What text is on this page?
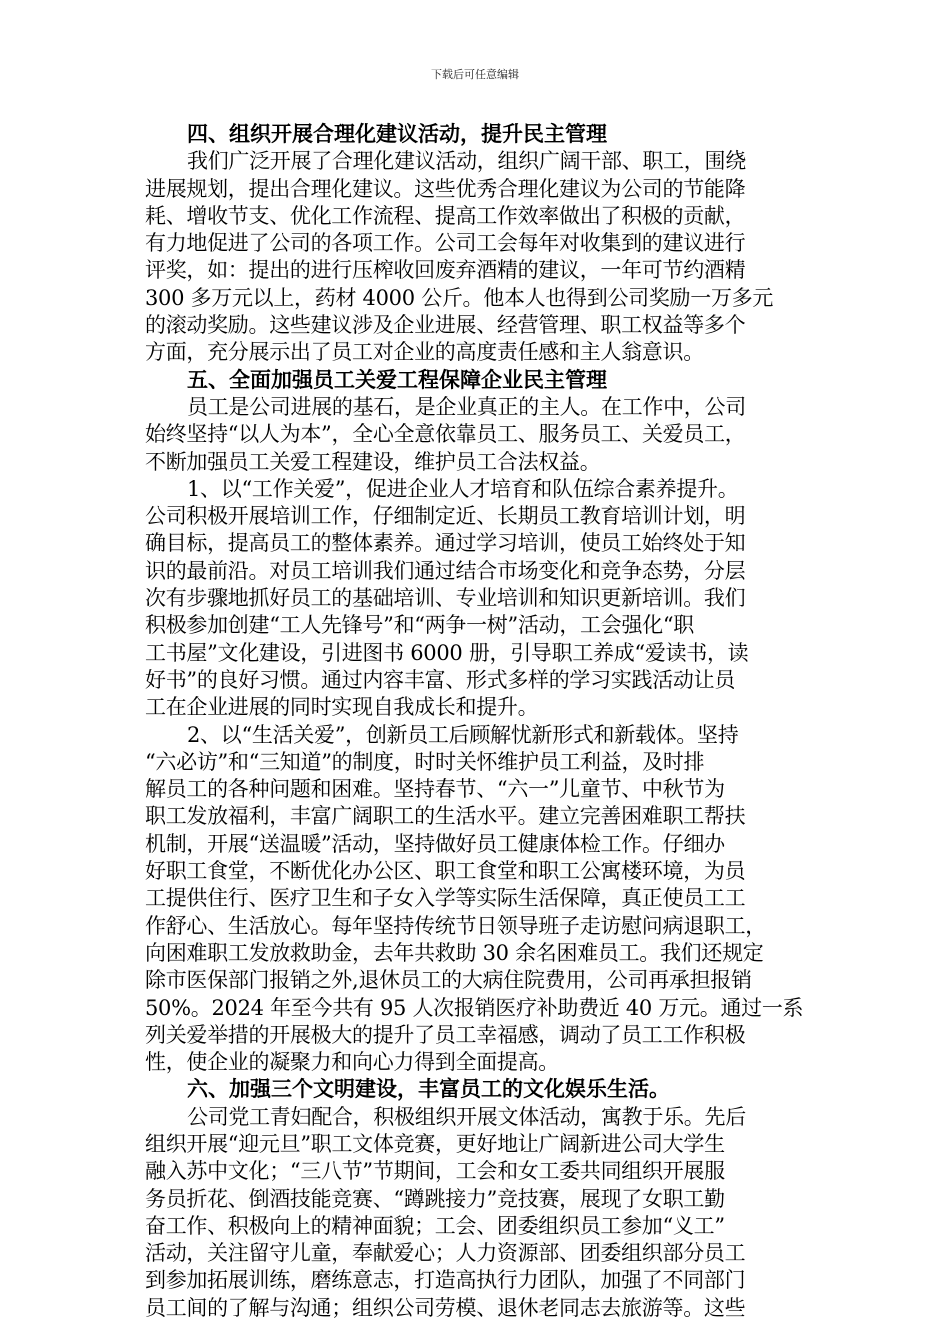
下载后可任意编辑
四、组织开展合理化建议活动，提升民主管理

我们广泛开展了合理化建议活动，组织广阔干部、职工，围绕
进展规划，提出合理化建议。这些优秀合理化建议为公司的节能降
耗、增收节支、优化工作流程、提高工作效率做出了积极的贡献，
有力地促进了公司的各项工作。公司工会每年对收集到的建议进行
评奖，如：提出的进行压榨收回废弃酒精的建议，一年可节约酒精
300 多万元以上，药材 4000 公斤。他本人也得到公司奖励一万多元
的滚动奖励。这些建议涉及企业进展、经营管理、职工权益等多个
方面，充分展示出了员工对企业的高度责任感和主人翁意识。

五、全面加强员工关爱工程保障企业民主管理

员工是公司进展的基石，是企业真正的主人。在工作中，公司
始终坚持“以人为本”，全心全意依靠员工、服务员工、关爱员工，
不断加强员工关爱工程建设，维护员工合法权益。

1、以“工作关爱”，促进企业人才培育和队伍综合素养提升。
公司积极开展培训工作，仔细制定近、长期员工教育培训计划，明
确目标，提高员工的整体素养。通过学习培训，使员工始终处于知
识的最前沿。对员工培训我们通过结合市场变化和竞争态势，分层
次有步骤地抓好员工的基础培训、专业培训和知识更新培训。我们
积极参加创建“工人先锋号”和“两争一树”活动，工会强化“职
工书屋”文化建设，引进图书 6000 册，引导职工养成“爱读书，读
好书”的良好习惯。通过内容丰富、形式多样的学习实践活动让员
工在企业进展的同时实现自我成长和提升。

2、以“生活关爱”，创新员工后顾解忧新形式和新载体。坚持
“六必访”和“三知道”的制度，时时关怀维护员工利益，及时排
解员工的各种问题和困难。坚持春节、“六一”儿童节、中秋节为
职工发放福利，丰富广阔职工的生活水平。建立完善困难职工帮扶
机制，开展“送温暖”活动，坚持做好员工健康体检工作。仔细办
好职工食堂，不断优化办公区、职工食堂和职工公寓楼环境，为员
工提供住行、医疗卫生和子女入学等实际生活保障，真正使员工工
作舒心、生活放心。每年坚持传统节日领导班子走访慰问病退职工，
向困难职工发放救助金，去年共救助 30 余名困难员工。我们还规定
除市医保部门报销之外,退休员工的大病住院费用，公司再承担报销
50%。2024 年至今共有 95 人次报销医疗补助费近 40 万元。通过一系
列关爱举措的开展极大的提升了员工幸福感，调动了员工工作积极
性，使企业的凝聚力和向心力得到全面提高。

六、加强三个文明建设，丰富员工的文化娱乐生活。

公司党工青妇配合，积极组织开展文体活动，寓教于乐。先后
组织开展“迎元旦”职工文体竞赛，更好地让广阔新进公司大学生
融入苏中文化；“三八节”节期间，工会和女工委共同组织开展服
务员折花、倒酒技能竞赛、“蹲跳接力”竞技赛，展现了女职工勤
奋工作、积极向上的精神面貌；工会、团委组织员工参加“义工”
活动，关注留守儿童，奉献爱心；人力资源部、团委组织部分员工
到参加拓展训练，磨练意志，打造高执行力团队，加强了不同部门
员工间的了解与沟通；组织公司劳模、退休老同志去旅游等。这些
